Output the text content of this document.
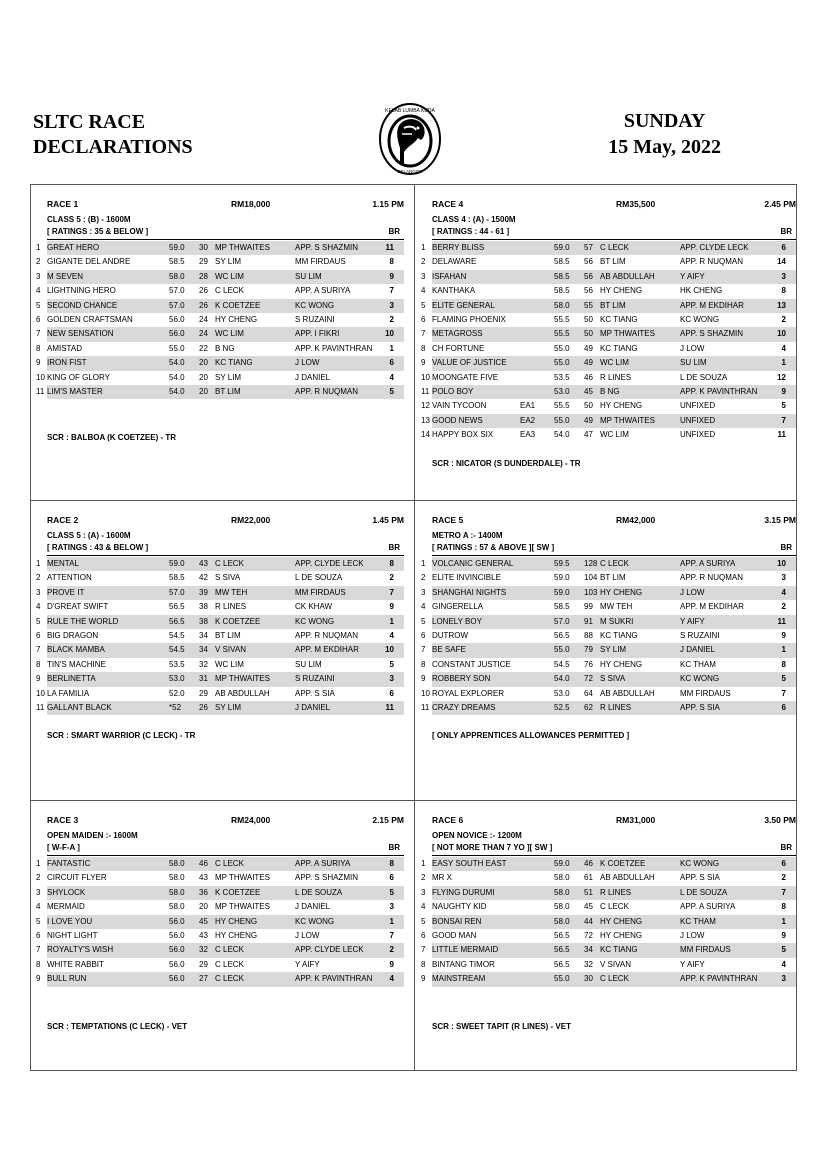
SLTC RACE
DECLARATIONS
KELAB LUMBA KUDA
SELANGOR
SUNDAY
15 May, 2022
RACE 1	RM18,000	1.15 PM
CLASS 5 : (B) - 1600M
[ RATINGS : 35 & BELOW ]	BR
1 GREAT HERO	59.0 30 MP THWAITES	APP. S SHAZMIN	11
2 GIGANTE DEL ANDRE	58.5 29 SY LIM	MM FIRDAUS	8
3 M SEVEN	58.0 28 WC LIM	SU LIM	9
4 LIGHTNING HERO	57.0 26 C LECK	APP. A SURIYA	7
5 SECOND CHANCE	57.0 26 K COETZEE	KC WONG	3
6 GOLDEN CRAFTSMAN	56.0 24 HY CHENG	S RUZAINI	2
7 NEW SENSATION	56.0 24 WC LIM	APP. I FIKRI	10
8 AMISTAD	55.0 22 B NG	APP. K PAVINTHRAN 1
9 IRON FIST	54.0 20 KC TIANG	J LOW	6
10 KING OF GLORY	54.0 20 SY LIM	J DANIEL	4
11 LIM'S MASTER	54.0 20 BT LIM	APP. R NUQMAN	5
SCR : BALBOA (K COETZEE) - TR
RACE 4	RM35,500	2.45 PM
CLASS 4 : (A) - 1500M
[ RATINGS : 44 - 61 ]	BR
1 BERRY BLISS	59.0 57 C LECK	APP. CLYDE LECK	6
2 DELAWARE	58.5 56 BT LIM	APP. R NUQMAN	14
3 ISFAHAN	58.5 56 AB ABDULLAH	Y AIFY	3
4 KANTHAKA	58.5 56 HY CHENG	HK CHENG	8
5 ELITE GENERAL	58.0 55 BT LIM	APP. M EKDIHAR	13
6 FLAMING PHOENIX	55.5 50 KC TIANG	KC WONG	2
7 METAGROSS	55.5 50 MP THWAITES	APP. S SHAZMIN	10
8 CH FORTUNE	55.0 49 KC TIANG	J LOW	4
9 VALUE OF JUSTICE	55.0 49 WC LIM	SU LIM	1
10 MOONGATE FIVE	53.5 46 R LINES	L DE SOUZA	12
11 POLO BOY	53.0 45 B NG	APP. K PAVINTHRAN	9
12 VAIN TYCOON	EA1 55.5 50 HY CHENG	UNFIXED	5
13 GOOD NEWS	EA2 55.0 49 MP THWAITES	UNFIXED	7
14 HAPPY BOX SIX	EA3 54.0 47 WC LIM	UNFIXED	11
SCR : NICATOR (S DUNDERDALE) - TR
RACE 2	RM22,000	1.45 PM
CLASS 5 : (A) - 1600M
[ RATINGS : 43 & BELOW ]	BR
1 MENTAL	59.0 43 C LECK	APP. CLYDE LECK	8
2 ATTENTION	58.5 42 S SIVA	L DE SOUZA	2
3 PROVE IT	57.0 39 MW TEH	MM FIRDAUS	7
4 D'GREAT SWIFT	56.5 38 R LINES	CK KHAW	9
5 RULE THE WORLD	56.5 38 K COETZEE	KC WONG	1
6 BIG DRAGON	54.5 34 BT LIM	APP. R NUQMAN	4
7 BLACK MAMBA	54.5 34 V SIVAN	APP. M EKDIHAR	10
8 TIN'S MACHINE	53.5 32 WC LIM	SU LIM	5
9 BERLINETTA	53.0 31 MP THWAITES	S RUZAINI	3
10 LA FAMILIA	52.0 29 AB ABDULLAH	APP. S SIA	6
11 GALLANT BLACK	*52 26 SY LIM	J DANIEL	11
SCR : SMART WARRIOR (C LECK) - TR
RACE 5	RM42,000	3.15 PM
METRO A :- 1400M
[ RATINGS : 57 & ABOVE ][ SW ]	BR
1 VOLCANIC GENERAL	59.5 128 C LECK	APP. A SURIYA	10
2 ELITE INVINCIBLE	59.0 104 BT LIM	APP. R NUQMAN	3
3 SHANGHAI NIGHTS	59.0 103 HY CHENG	J LOW	4
4 GINGERELLA	58.5 99 MW TEH	APP. M EKDIHAR	2
5 LONELY BOY	57.0 91 M SUKRI	Y AIFY	11
6 DUTROW	56.5 88 KC TIANG	S RUZAINI	9
7 BE SAFE	55.0 79 SY LIM	J DANIEL	1
8 CONSTANT JUSTICE	54.5 76 HY CHENG	KC THAM	8
9 ROBBERY SON	54.0 72 S SIVA	KC WONG	5
10 ROYAL EXPLORER	53.0 64 AB ABDULLAH	MM FIRDAUS	7
11 CRAZY DREAMS	52.5 62 R LINES	APP. S SIA	6
[ ONLY APPRENTICES ALLOWANCES PERMITTED ]
RACE 3	RM24,000	2.15 PM
OPEN MAIDEN :- 1600M
[ W-F-A ]	BR
1 FANTASTIC	58.0 46 C LECK	APP. A SURIYA	8
2 CIRCUIT FLYER	58.0 43 MP THWAITES	APP. S SHAZMIN	6
3 SHYLOCK	58.0 36 K COETZEE	L DE SOUZA	5
4 MERMAID	58.0 20 MP THWAITES	J DANIEL	3
5 I LOVE YOU	56.0 45 HY CHENG	KC WONG	1
6 NIGHT LIGHT	56.0 43 HY CHENG	J LOW	7
7 ROYALTY'S WISH	56.0 32 C LECK	APP. CLYDE LECK	2
8 WHITE RABBIT	56.0 29 C LECK	Y AIFY	9
9 BULL RUN	56.0 27 C LECK	APP. K PAVINTHRAN 4
SCR : TEMPTATIONS (C LECK) - VET
RACE 6	RM31,000	3.50 PM
OPEN NOVICE :- 1200M
[ NOT MORE THAN 7 YO ][ SW ]	BR
1 EASY SOUTH EAST	59.0 46 K COETZEE	KC WONG	6
2 MR X	58.0 61 AB ABDULLAH	APP. S SIA	2
3 FLYING DURUMI	58.0 51 R LINES	L DE SOUZA	7
4 NAUGHTY KID	58.0 45 C LECK	APP. A SURIYA	8
5 BONSAI REN	58.0 44 HY CHENG	KC THAM	1
6 GOOD MAN	56.5 72 HY CHENG	J LOW	9
7 LITTLE MERMAID	56.5 34 KC TIANG	MM FIRDAUS	5
8 BINTANG TIMOR	56.5 32 V SIVAN	Y AIFY	4
9 MAINSTREAM	55.0 30 C LECK	APP. K PAVINTHRAN	3
SCR : SWEET TAPIT (R LINES) - VET
